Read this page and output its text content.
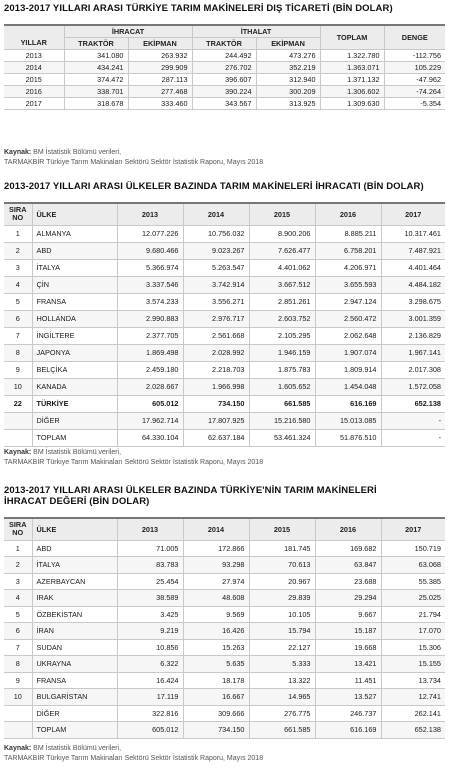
2013-2017 YILLARI ARASI TÜRKİYE TARIM MAKİNELERİ DIŞ TİCARETİ (BİN DOLAR)
YILLAR	İHRACAT		İTHALAT		TOPLAM	DENGE
	TRAKTÖR	EKİPMAN	TRAKTÖR	EKİPMAN		
2013	341.080	263.932	244.492	473.276	1.322.780	-112.756
2014	434.241	299.909	276.702	352.219	1.363.071	105.229
2015	374.472	287.113	396.607	312.940	1.371.132	-47.962
2016	338.701	277.468	390.224	300.209	1.306.602	-74.264
2017	318.678	333.460	343.567	313.925	1.309.630	-5.354
Kaynak: BM İstatistik Bölümü verileri,
TARMAKBİR Türkiye Tarım Makinaları Sektörü Sektör İstatistik Raporu, Mayıs 2018
2013-2017 YILLARI ARASI ÜLKELER BAZINDA TARIM MAKİNELERİ İHRACATI (BİN DOLAR)
SIRA
NO	ÜLKE	2013	2014	2015	2016	2017
1	ALMANYA	12.077.226	10.756.032	8.900.206	8.885.211	10.317.461
2	ABD	9.680.466	9.023.267	7.626.477	6.758.201	7.487.921
3	İTALYA	5.366.974	5.263.547	4.401.062	4.206.971	4.401.464
4	ÇİN	3.337.546	3.742.914	3.667.512	3.655.593	4.484.182
5	FRANSA	3.574.233	3.556.271	2.851.261	2.947.124	3.298.675
6	HOLLANDA	2.990.883	2.976.717	2.603.752	2.560.472	3.001.359
7	İNGİLTERE	2.377.705	2.561.668	2.105.295	2.062.648	2.136.829
8	JAPONYA	1.869.498	2.028.992	1.946.159	1.907.074	1.967.141
9	BELÇİKA	2.459.180	2.218.703	1.875.783	1.809.914	2.017.308
10	KANADA	2.028.667	1.966.998	1.605.652	1.454.048	1.572.058
22	TÜRKİYE	605.012	734.150	661.585	616.169	652.138
	DİĞER	17.962.714	17.807.925	15.216.580	15.013.085	-
	TOPLAM	64.330.104	62.637.184	53.461.324	51.876.510	-
Kaynak: BM İstatistik Bölümü verileri,
TARMAKBİR Türkiye Tarım Makinaları Sektörü Sektör İstatistik Raporu, Mayıs 2018
2013-2017 YILLARI ARASI ÜLKELER BAZINDA TÜRKİYE'NİN TARIM MAKİNELERİ
İHRACAT DEĞERİ (BİN DOLAR)
SIRA
NO	ÜLKE	2013	2014	2015	2016	2017
1	ABD	71.005	172.866	181.745	169.682	150.719
2	İTALYA	83.783	93.298	70.613	63.847	63.068
3	AZERBAYCAN	25.454	27.974	20.967	23.688	55.385
4	IRAK	38.589	48.608	29.839	29.294	25.025
5	ÖZBEKİSTAN	3.425	9.569	10.105	9.667	21.794
6	İRAN	9.219	16.426	15.794	15.187	17.070
7	SUDAN	10.856	15.263	22.127	19.668	15.306
8	UKRAYNA	6.322	5.635	5.333	13.421	15.155
9	FRANSA	16.424	18.178	13.322	11.451	13.734
10	BULGARİSTAN	17.119	16.667	14.965	13.527	12.741
	DİĞER	322.816	309.666	276.775	246.737	262.141
	TOPLAM	605.012	734.150	661.585	616.169	652.138
Kaynak: BM İstatistik Bölümü verileri,
TARMAKBİR Türkiye Tarım Makinaları Sektörü Sektör İstatistik Raporu, Mayıs 2018
